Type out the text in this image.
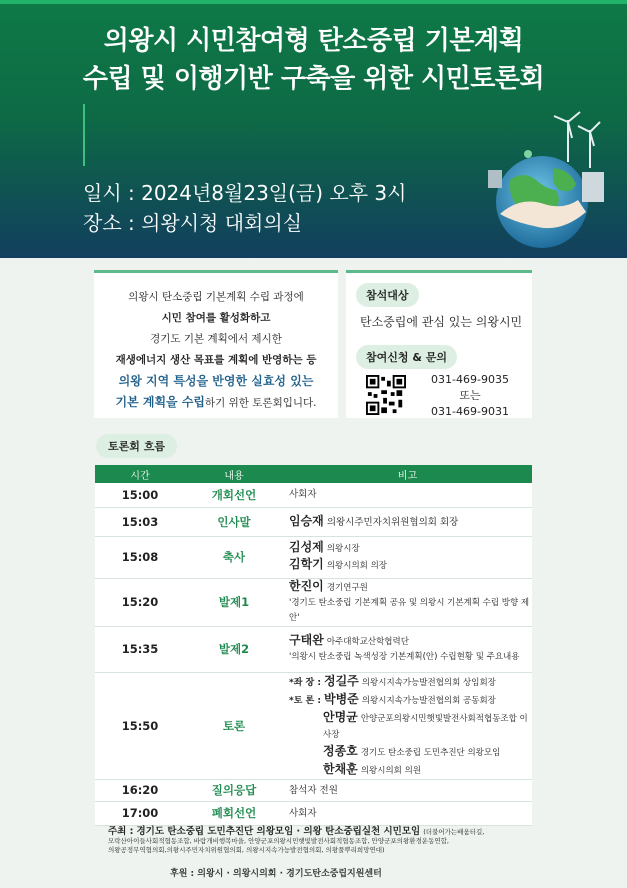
의왕시 시민참여형 탄소중립 기본계획
수립 및 이행기반 구축을 위한 시민토론회
일시 : 2024년8월23일(금) 오후 3시
장소 : 의왕시청 대회의실
의왕시 탄소중립 기본계획 수립 과정에
시민 참여를 활성화하고
경기도 기본 계획에서 제시한
재생에너지 생산 목표를 계획에 반영하는 등
의왕 지역 특성을 반영한 실효성 있는
기본 계획을 수립하기 위한 토론회입니다.
참석대상
탄소중립에 관심 있는 의왕시민
참여신청 & 문의
031-469-9035
또는
031-469-9031
토론회 흐름
시간	내용	비고
15:00	개회선언	사회자
15:03	인사말	임승재 의왕시주민자치위원협의회 회장
15:08	축사	김성제 의왕시장
김학기 의왕시의회 의장

15:20	발제1	한진이 경기연구원
'경기도 탄소중립 기본계획 공유 및 의왕시 기본계획 수립 방향 제안'

15:35	발제2	구태완 아주대학교산학협력단
'의왕시 탄소중립 녹색성장 기본계획(안) 수립현황 및 주요내용

15:50	토론	*좌 장 : 정길주 의왕시지속가능발전협의회 상임회장
*토 론 : 박병준 의왕시지속가능발전협의회 공동회장
안명균 안양군포의왕시민햇빛발전사회적협동조합 이사장
정종호 경기도 탄소중립 도민추진단 의왕모임
한채훈 의왕시의회 의원

16:20	질의응답	참석자 전원
17:00	폐회선언	사회자
주최 : 경기도 탄소중립 도민추진단 의왕모임 · 의왕 탄소중립실천 시민모임 (더불어가는배움터길,
모락산아이들사회적협동조합, 바람개비행복마을, 안양군포의왕시민햇빛발전사회적협동조합, 안양군포의왕환경운동연합,
의왕공정무역협의회,의왕시주민자치위원협의회, 의왕시지속가능발전협의회, 의왕풀뿌리희망연대)
후원 : 의왕시 · 의왕시의회 · 경기도탄소중립지원센터
